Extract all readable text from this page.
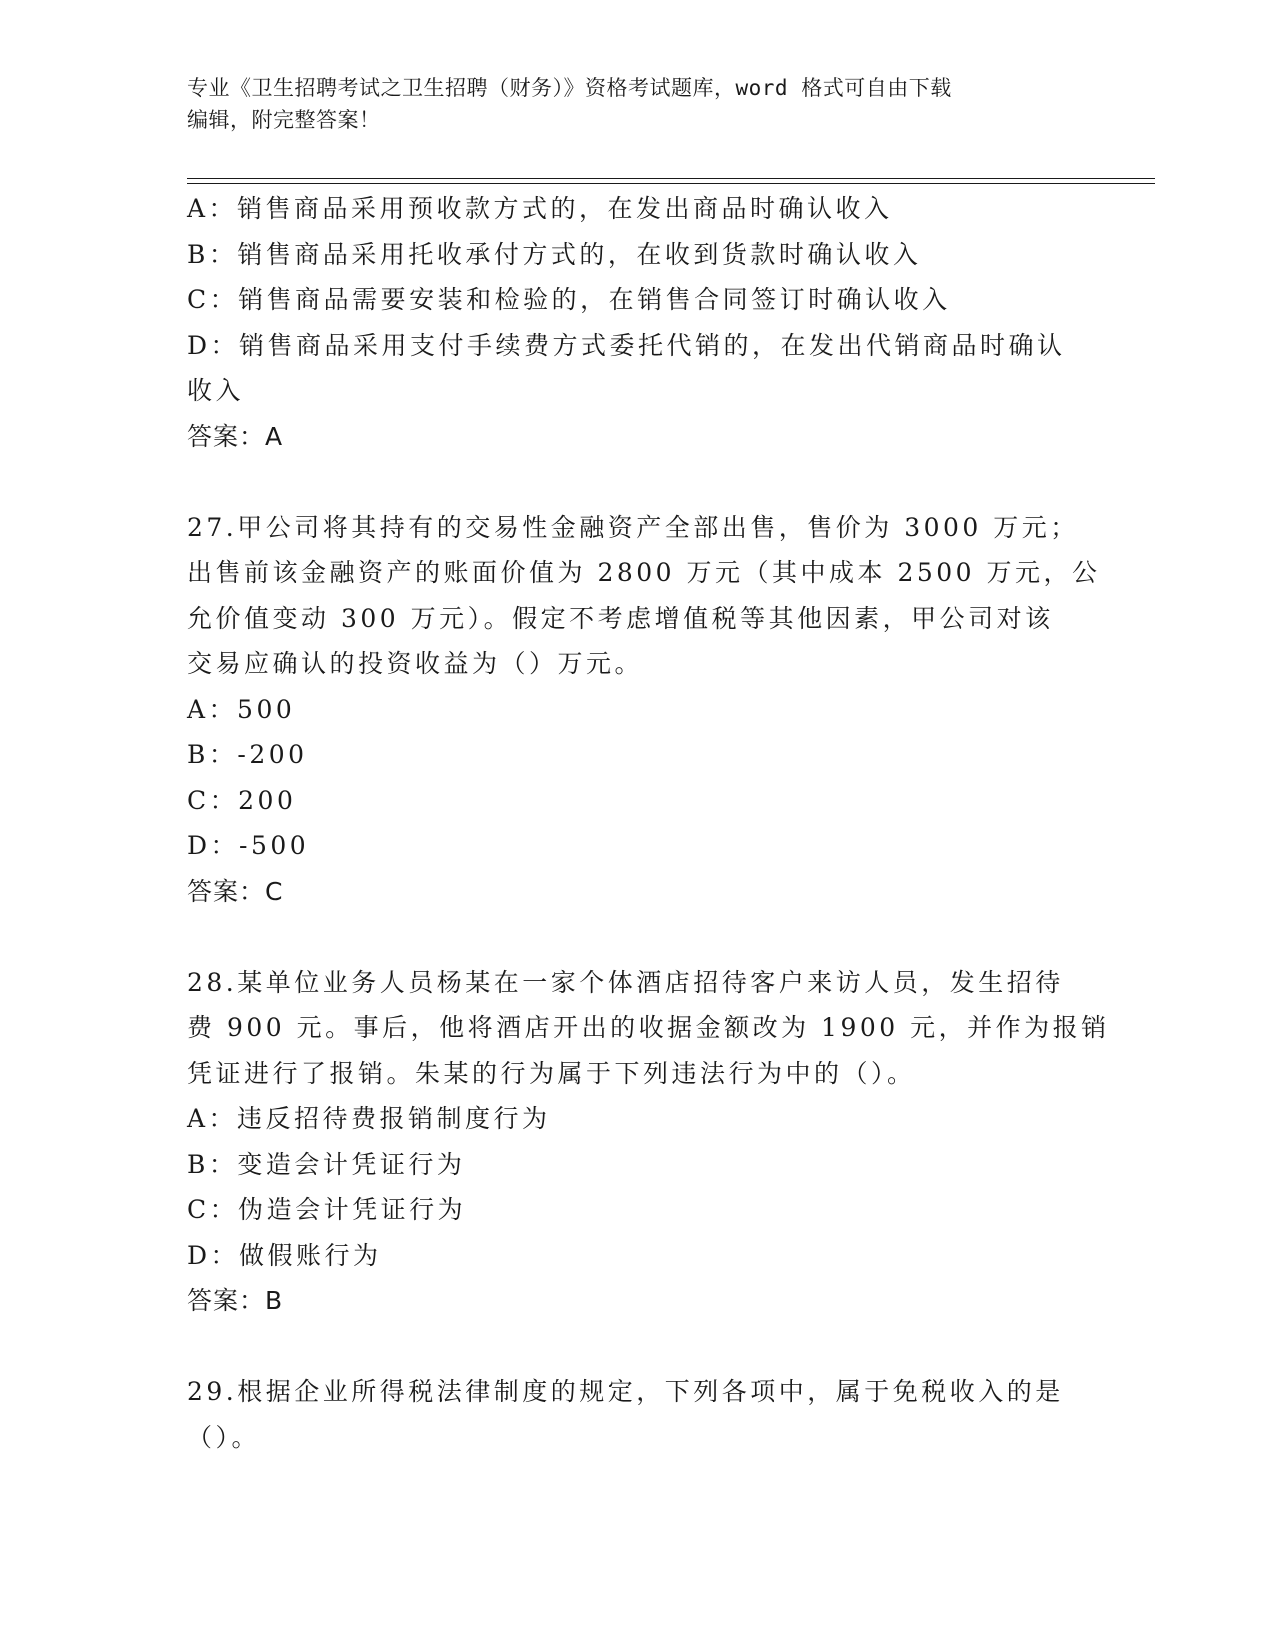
专业《卫生招聘考试之卫生招聘（财务）》资格考试题库，word 格式可自由下载
编辑，附完整答案！
A：销售商品采用预收款方式的，在发出商品时确认收入
B：销售商品采用托收承付方式的，在收到货款时确认收入
C：销售商品需要安装和检验的，在销售合同签订时确认收入
D：销售商品采用支付手续费方式委托代销的，在发出代销商品时确认
收入
答案：A
27.甲公司将其持有的交易性金融资产全部出售，售价为 3000 万元；
出售前该金融资产的账面价值为 2800 万元（其中成本 2500 万元，公
允价值变动 300 万元）。假定不考虑增值税等其他因素，甲公司对该
交易应确认的投资收益为（）万元。
A：500
B：-200
C：200
D：-500
答案：C
28.某单位业务人员杨某在一家个体酒店招待客户来访人员，发生招待
费 900 元。事后，他将酒店开出的收据金额改为 1900 元，并作为报销
凭证进行了报销。朱某的行为属于下列违法行为中的（）。
A：违反招待费报销制度行为
B：变造会计凭证行为
C：伪造会计凭证行为
D：做假账行为
答案：B
29.根据企业所得税法律制度的规定，下列各项中，属于免税收入的是
（）。
